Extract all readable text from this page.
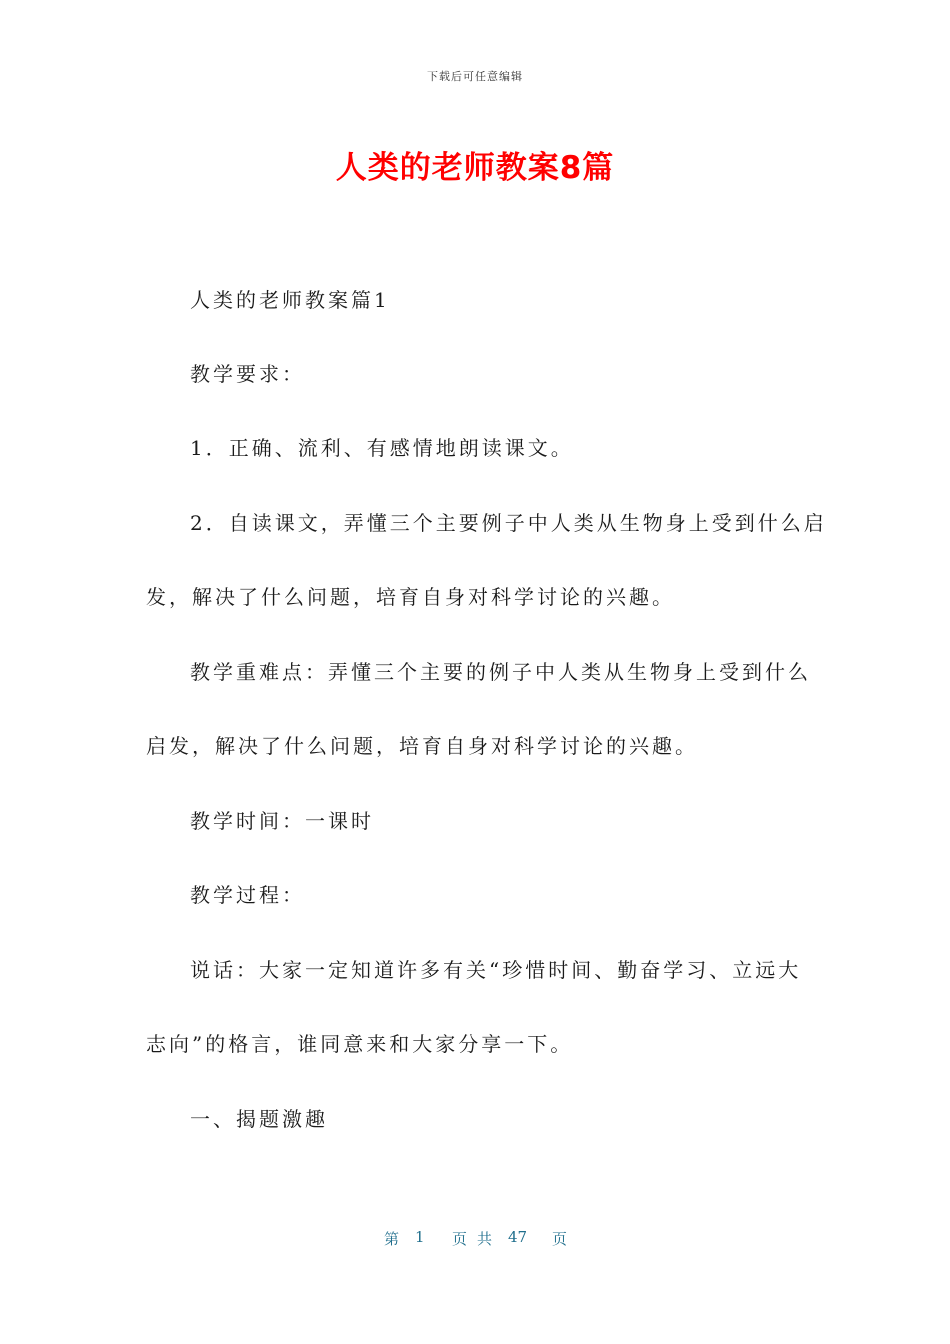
下载后可任意编辑
人类的老师教案8篇
人类的老师教案篇1
教学要求：
1．正确、流利、有感情地朗读课文。
2．自读课文，弄懂三个主要例子中人类从生物身上受到什么启
发，解决了什么问题，培育自身对科学讨论的兴趣。
教学重难点：弄懂三个主要的例子中人类从生物身上受到什么
启发，解决了什么问题，培育自身对科学讨论的兴趣。
教学时间：一课时
教学过程：
说话：大家一定知道许多有关“珍惜时间、勤奋学习、立远大
志向”的格言，谁同意来和大家分享一下。
一、揭题激趣
第 1 页 共 47 页
